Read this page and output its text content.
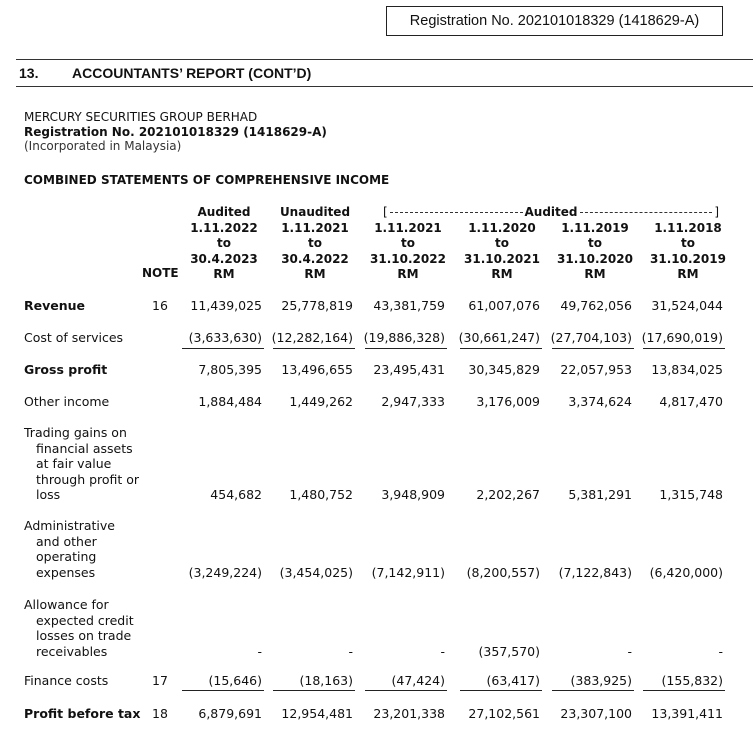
Registration No. 202101018329 (1418629-A)
13. ACCOUNTANTS’ REPORT (CONT’D)
MERCURY SECURITIES GROUP BERHAD
Registration No. 202101018329 (1418629-A)
(Incorporated in Malaysia)
COMBINED STATEMENTS OF COMPREHENSIVE INCOME
[	Audited	]
NOTE
Audited
1.11.2022
to
30.4.2023
RM
Unaudited
1.11.2021
to
30.4.2022
RM

1.11.2021
to
31.10.2022
RM

1.11.2020
to
31.10.2021
RM

1.11.2019
to
31.10.2020
RM

1.11.2018
to
31.10.2019
RM
Revenue	16	11,439,025	25,778,819	43,381,759	61,007,076	49,762,056	31,524,044
Cost of services	(3,633,630) (12,282,164) (19,886,328)	(30,661,247) (27,704,103) (17,690,019)
Gross profit	7,805,395	13,496,655	23,495,431	30,345,829	22,057,953	13,834,025
Other income	1,884,484	1,449,262	2,947,333	3,176,009	3,374,624	4,817,470
Trading gains on
financial assets
at fair value
through profit or
loss	454,682	1,480,752	3,948,909	2,202,267	5,381,291	1,315,748
Administrative
and other
operating
expenses	(3,249,224)	(3,454,025)	(7,142,911)	(8,200,557)	(7,122,843)	(6,420,000)
Allowance for
expected credit
losses on trade
receivables	-	-	-	(357,570)	-	-
Finance costs	17	(15,646)	(18,163)	(47,424)	(63,417)	(383,925)	(155,832)
Profit before tax 18	6,879,691	12,954,481	23,201,338	27,102,561	23,307,100	13,391,411
